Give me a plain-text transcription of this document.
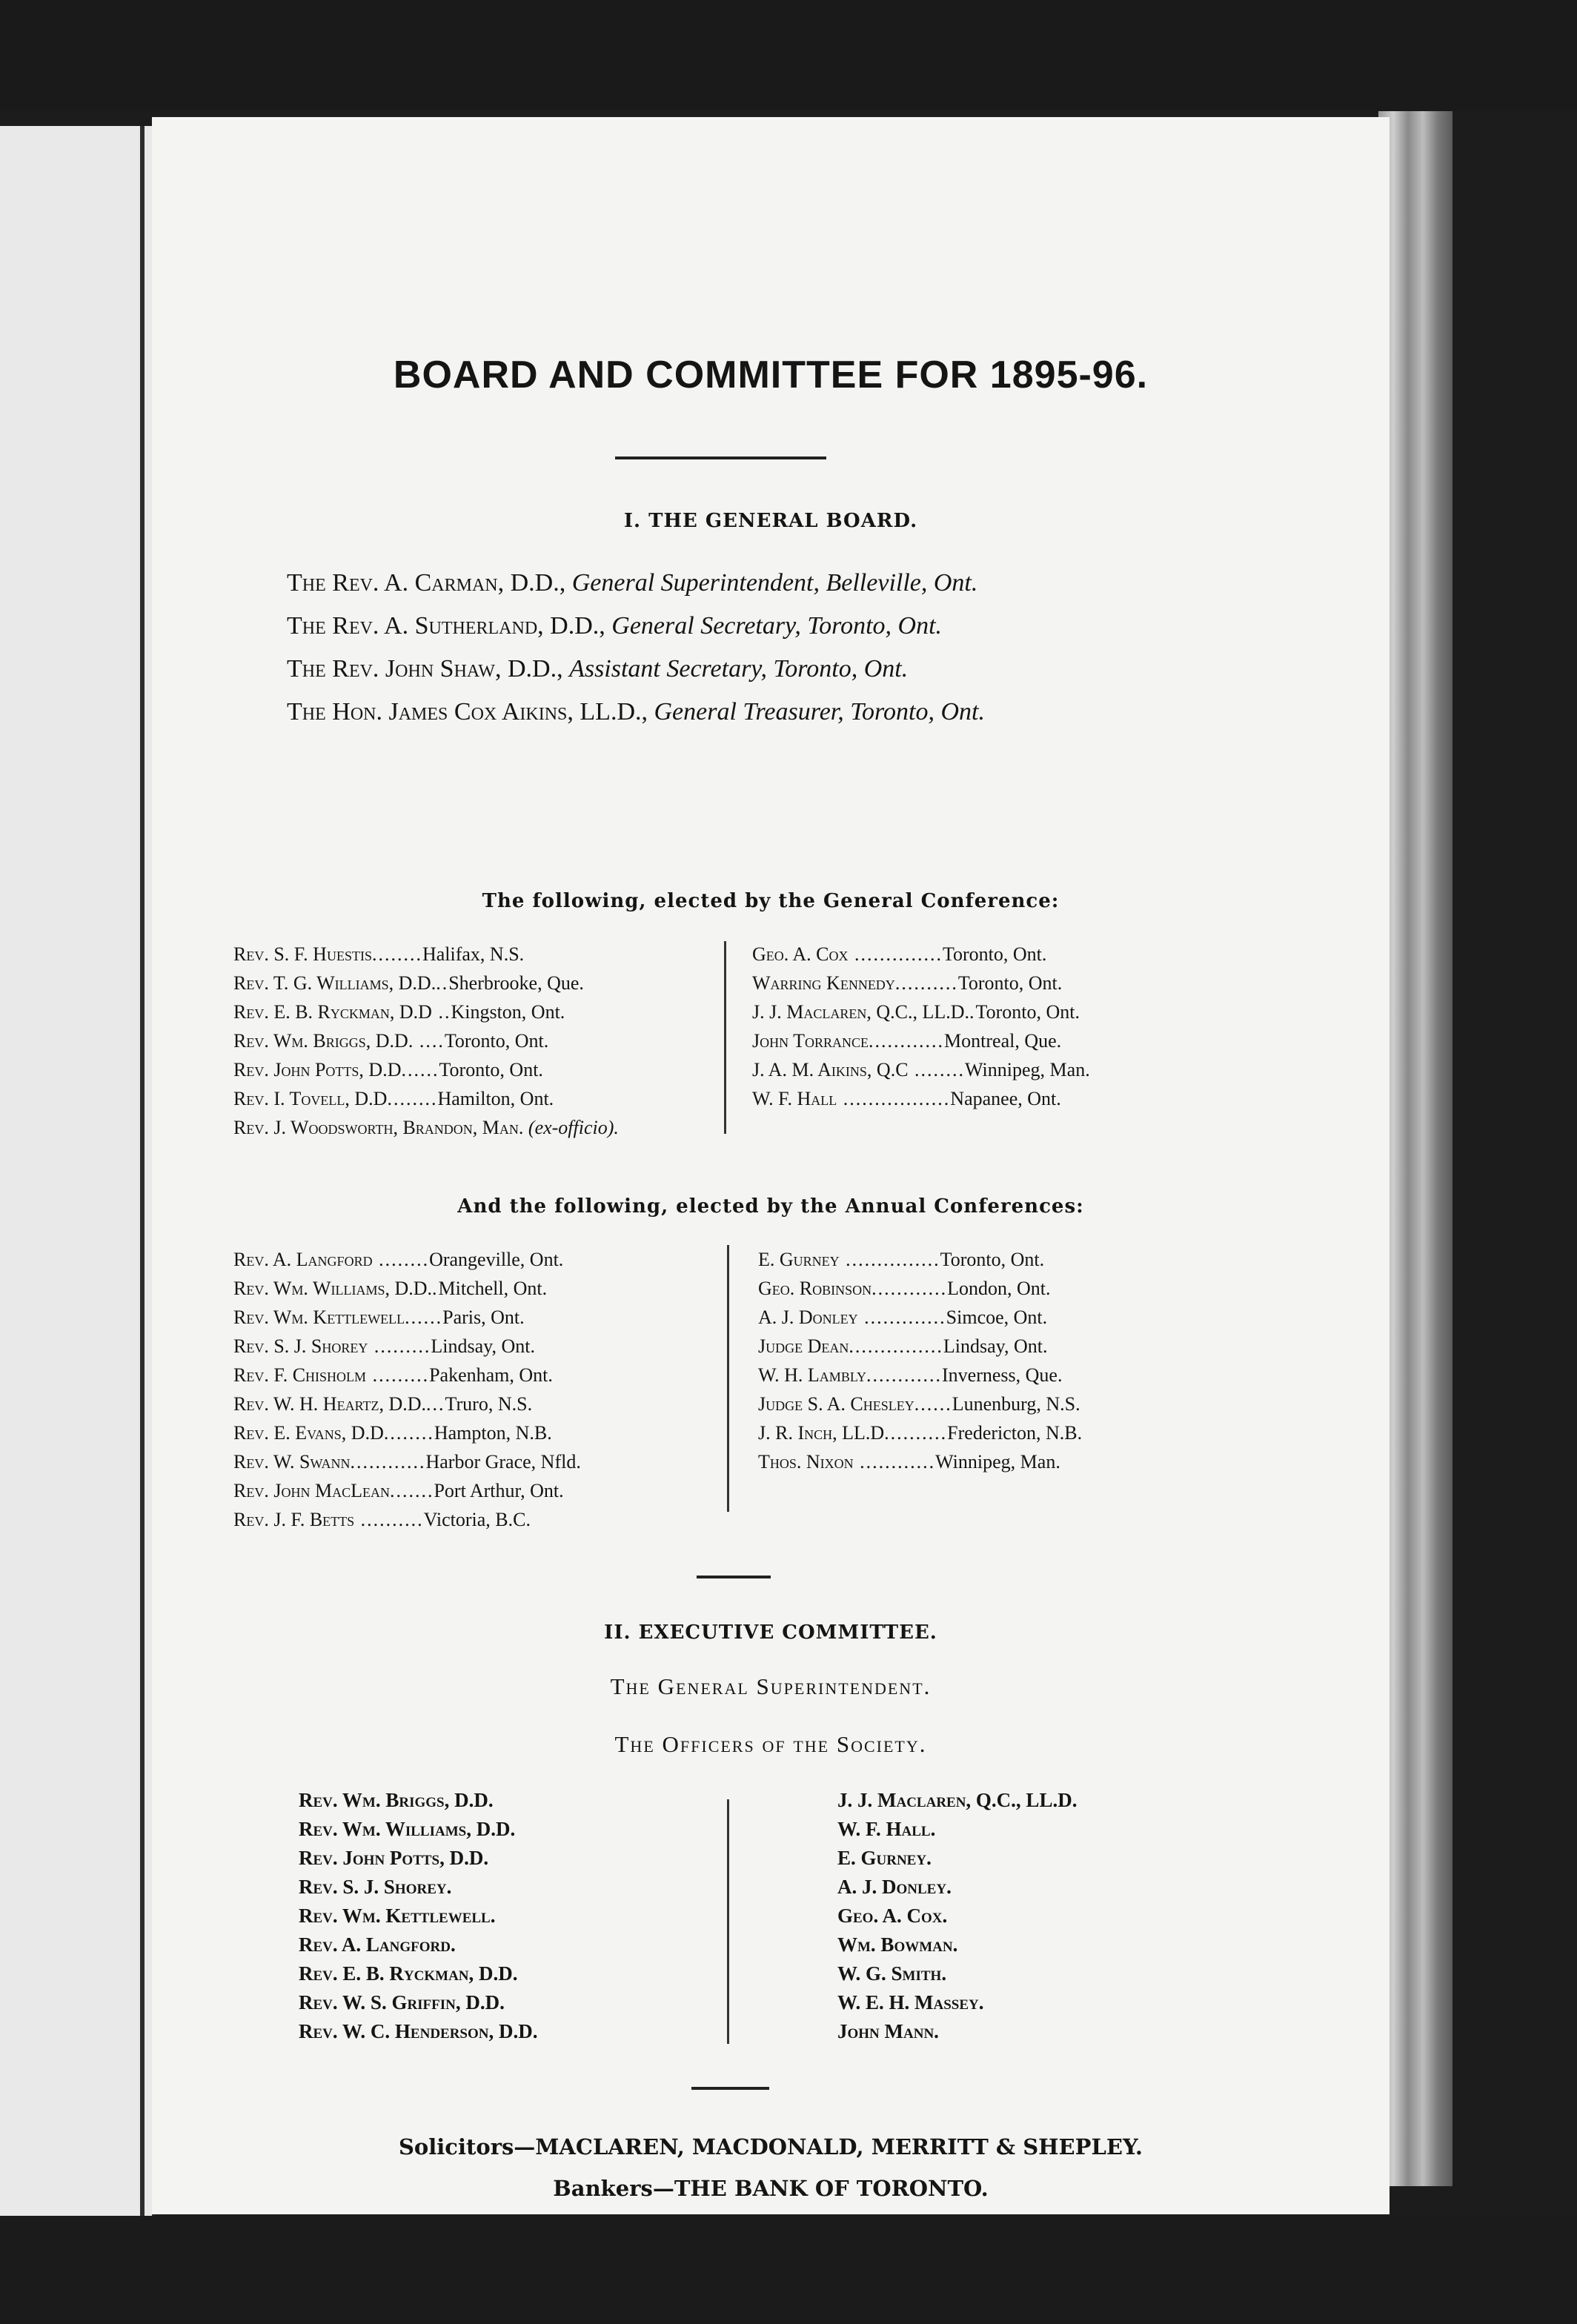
BOARD AND COMMITTEE FOR 1895-96.
I. THE GENERAL BOARD.
The Rev. A. Carman, D.D., General Superintendent, Belleville, Ont.
The Rev. A. Sutherland, D.D., General Secretary, Toronto, Ont.
The Rev. John Shaw, D.D., Assistant Secretary, Toronto, Ont.
The Hon. James Cox Aikins, LL.D., General Treasurer, Toronto, Ont.
The following, elected by the General Conference:
Rev. S. F. Huestis........Halifax, N.S.
Rev. T. G. Williams, D.D...Sherbrooke, Que.
Rev. E. B. Ryckman, D.D ..Kingston, Ont.
Rev. Wm. Briggs, D.D. ....Toronto, Ont.
Rev. John Potts, D.D......Toronto, Ont.
Rev. I. Tovell, D.D........Hamilton, Ont.
Rev. J. Woodsworth, Brandon, Man. (ex-officio).
Geo. A. Cox ..............Toronto, Ont.
Warring Kennedy..........Toronto, Ont.
J. J. Maclaren, Q.C., LL.D..Toronto, Ont.
John Torrance............Montreal, Que.
J. A. M. Aikins, Q.C ........Winnipeg, Man.
W. F. Hall .................Napanee, Ont.
And the following, elected by the Annual Conferences:
Rev. A. Langford ........Orangeville, Ont.
Rev. Wm. Williams, D.D..Mitchell, Ont.
Rev. Wm. Kettlewell......Paris, Ont.
Rev. S. J. Shorey .........Lindsay, Ont.
Rev. F. Chisholm .........Pakenham, Ont.
Rev. W. H. Heartz, D.D....Truro, N.S.
Rev. E. Evans, D.D........Hampton, N.B.
Rev. W. Swann............Harbor Grace, Nfld.
Rev. John MacLean.......Port Arthur, Ont.
Rev. J. F. Betts ..........Victoria, B.C.
E. Gurney ...............Toronto, Ont.
Geo. Robinson............London, Ont.
A. J. Donley .............Simcoe, Ont.
Judge Dean...............Lindsay, Ont.
W. H. Lambly............Inverness, Que.
Judge S. A. Chesley......Lunenburg, N.S.
J. R. Inch, LL.D..........Fredericton, N.B.
Thos. Nixon ............Winnipeg, Man.
II. EXECUTIVE COMMITTEE.
The General Superintendent.
The Officers of the Society.
Rev. Wm. Briggs, D.D.
Rev. Wm. Williams, D.D.
Rev. John Potts, D.D.
Rev. S. J. Shorey.
Rev. Wm. Kettlewell.
Rev. A. Langford.
Rev. E. B. Ryckman, D.D.
Rev. W. S. Griffin, D.D.
Rev. W. C. Henderson, D.D.
J. J. Maclaren, Q.C., LL.D.
W. F. Hall.
E. Gurney.
A. J. Donley.
Geo. A. Cox.
Wm. Bowman.
W. G. Smith.
W. E. H. Massey.
John Mann.
Solicitors—MACLAREN, MACDONALD, MERRITT & SHEPLEY.
Bankers—THE BANK OF TORONTO.
